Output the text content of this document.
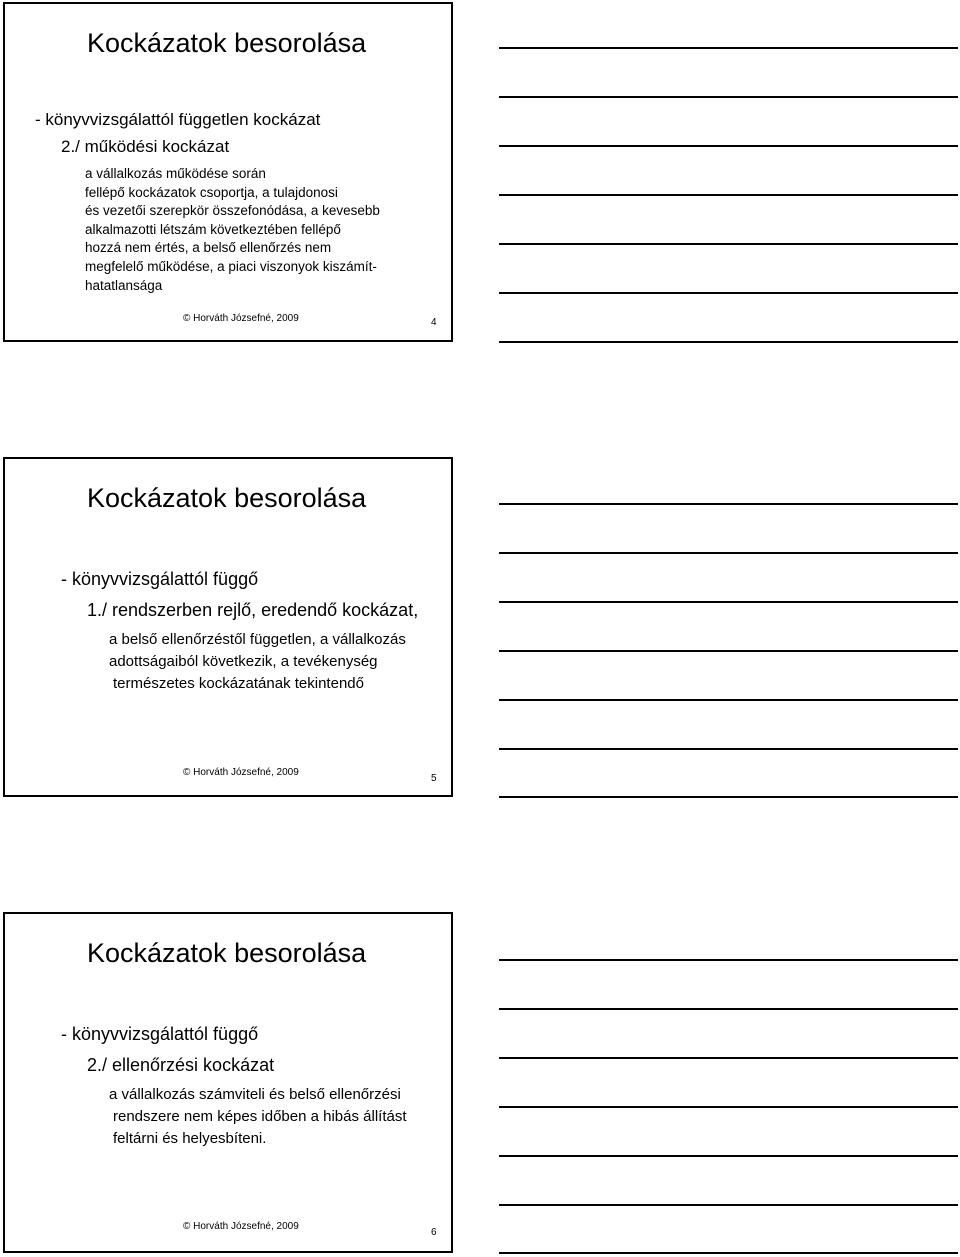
Kockázatok besorolása
- könyvvizsgálattól független kockázat
2./ működési kockázat
a vállalkozás működése során
fellépő kockázatok csoportja, a tulajdonosi
és vezetői szerepkör összefonódása, a kevesebb
alkalmazotti létszám következtében fellépő
hozzá nem értés, a belső ellenőrzés nem
megfelelő működése, a piaci viszonyok kiszámít-
hatatlansága
© Horváth Józsefné, 2009	4
Kockázatok besorolása
- könyvvizsgálattól függő
1./ rendszerben rejlő, eredendő kockázat,
a belső ellenőrzéstől független, a vállalkozás
adottságaiból következik, a tevékenység
természetes kockázatának tekintendő
© Horváth Józsefné, 2009
5
Kockázatok besorolása
- könyvvizsgálattól függő
2./ ellenőrzési kockázat
a vállalkozás számviteli és belső ellenőrzési
rendszere nem képes időben a hibás állítást
feltárni és helyesbíteni.
© Horváth Józsefné, 2009
6
